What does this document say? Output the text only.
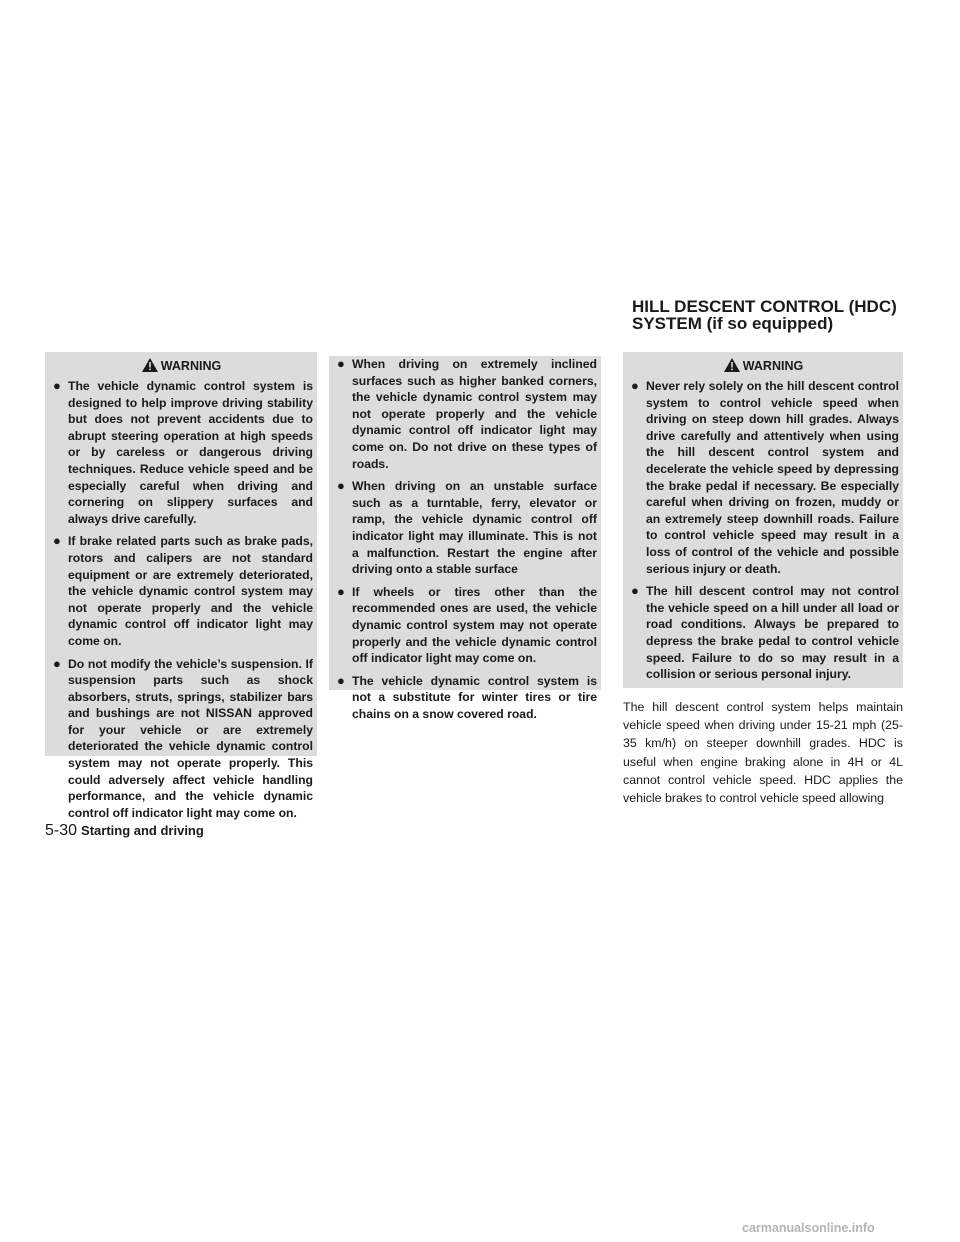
HILL DESCENT CONTROL (HDC)
SYSTEM (if so equipped)
WARNING
● The vehicle dynamic control system is designed to help improve driving stability but does not prevent accidents due to abrupt steering operation at high speeds or by careless or dangerous driving techniques. Reduce vehicle speed and be especially careful when driving and cornering on slippery surfaces and always drive carefully.
● If brake related parts such as brake pads, rotors and calipers are not standard equipment or are extremely deteriorated, the vehicle dynamic control system may not operate properly and the vehicle dynamic control off indicator light may come on.
● Do not modify the vehicle’s suspension. If suspension parts such as shock absorbers, struts, springs, stabilizer bars and bushings are not NISSAN approved for your vehicle or are extremely deteriorated the vehicle dynamic control system may not operate properly. This could adversely affect vehicle handling performance, and the vehicle dynamic control off indicator light may come on.
● When driving on extremely inclined surfaces such as higher banked corners, the vehicle dynamic control system may not operate properly and the vehicle dynamic control off indicator light may come on. Do not drive on these types of roads.
● When driving on an unstable surface such as a turntable, ferry, elevator or ramp, the vehicle dynamic control off indicator light may illuminate. This is not a malfunction. Restart the engine after driving onto a stable surface
● If wheels or tires other than the recommended ones are used, the vehicle dynamic control system may not operate properly and the vehicle dynamic control off indicator light may come on.
● The vehicle dynamic control system is not a substitute for winter tires or tire chains on a snow covered road.
WARNING
● Never rely solely on the hill descent control system to control vehicle speed when driving on steep down hill grades. Always drive carefully and attentively when using the hill descent control system and decelerate the vehicle speed by depressing the brake pedal if necessary. Be especially careful when driving on frozen, muddy or an extremely steep downhill roads. Failure to control vehicle speed may result in a loss of control of the vehicle and possible serious injury or death.
● The hill descent control may not control the vehicle speed on a hill under all load or road conditions. Always be prepared to depress the brake pedal to control vehicle speed. Failure to do so may result in a collision or serious personal injury.
The hill descent control system helps maintain vehicle speed when driving under 15-21 mph (25-35 km/h) on steeper downhill grades. HDC is useful when engine braking alone in 4H or 4L cannot control vehicle speed. HDC applies the vehicle brakes to control vehicle speed allowing
5-30 Starting and driving
carmanualsonline.info
